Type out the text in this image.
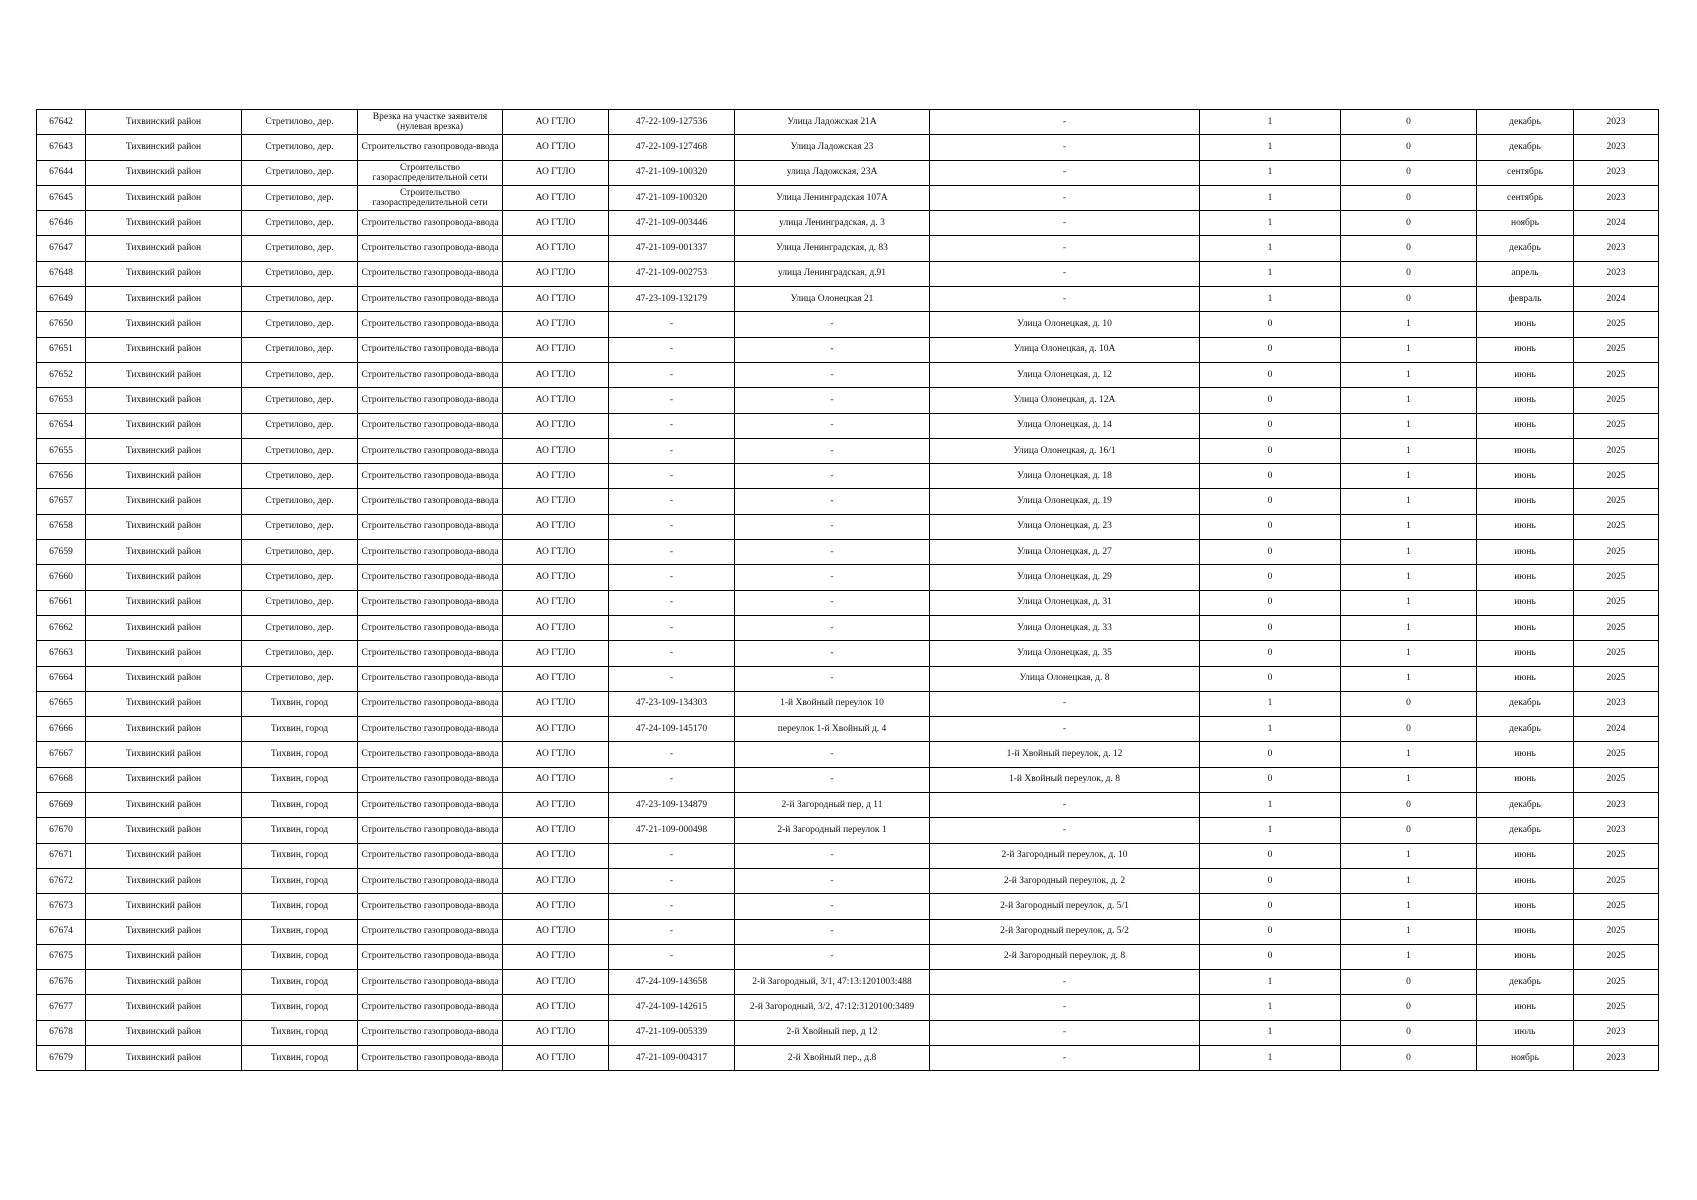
67642	Тихвинский район	Стретилово, дер.	Врезка на участке заявителя (нулевая врезка)	АО ГТЛО	47-22-109-127536	Улица Ладожская 21А	-	1	0	декабрь	2023
67643	Тихвинский район	Стретилово, дер.	Строительство газопровода-ввода	АО ГТЛО	47-22-109-127468	Улица Ладожская 23	-	1	0	декабрь	2023
67644	Тихвинский район	Стретилово, дер.	Строительство газораспределительной сети	АО ГТЛО	47-21-109-100320	улица Ладожская, 23А	-	1	0	сентябрь	2023
67645	Тихвинский район	Стретилово, дер.	Строительство газораспределительной сети	АО ГТЛО	47-21-109-100320	Улица Ленинградская 107А	-	1	0	сентябрь	2023
67646	Тихвинский район	Стретилово, дер.	Строительство газопровода-ввода	АО ГТЛО	47-21-109-003446	улица Ленинградская, д. 3	-	1	0	ноябрь	2024
67647	Тихвинский район	Стретилово, дер.	Строительство газопровода-ввода	АО ГТЛО	47-21-109-001337	Улица Ленинградская, д. 83	-	1	0	декабрь	2023
67648	Тихвинский район	Стретилово, дер.	Строительство газопровода-ввода	АО ГТЛО	47-21-109-002753	улица Ленинградская, д.91	-	1	0	апрель	2023
67649	Тихвинский район	Стретилово, дер.	Строительство газопровода-ввода	АО ГТЛО	47-23-109-132179	Улица Олонецкая 21	-	1	0	февраль	2024
67650	Тихвинский район	Стретилово, дер.	Строительство газопровода-ввода	АО ГТЛО	-	-	Улица Олонецкая, д. 10	0	1	июнь	2025
67651	Тихвинский район	Стретилово, дер.	Строительство газопровода-ввода	АО ГТЛО	-	-	Улица Олонецкая, д. 10А	0	1	июнь	2025
67652	Тихвинский район	Стретилово, дер.	Строительство газопровода-ввода	АО ГТЛО	-	-	Улица Олонецкая, д. 12	0	1	июнь	2025
67653	Тихвинский район	Стретилово, дер.	Строительство газопровода-ввода	АО ГТЛО	-	-	Улица Олонецкая, д. 12А	0	1	июнь	2025
67654	Тихвинский район	Стретилово, дер.	Строительство газопровода-ввода	АО ГТЛО	-	-	Улица Олонецкая, д. 14	0	1	июнь	2025
67655	Тихвинский район	Стретилово, дер.	Строительство газопровода-ввода	АО ГТЛО	-	-	Улица Олонецкая, д. 16/1	0	1	июнь	2025
67656	Тихвинский район	Стретилово, дер.	Строительство газопровода-ввода	АО ГТЛО	-	-	Улица Олонецкая, д. 18	0	1	июнь	2025
67657	Тихвинский район	Стретилово, дер.	Строительство газопровода-ввода	АО ГТЛО	-	-	Улица Олонецкая, д. 19	0	1	июнь	2025
67658	Тихвинский район	Стретилово, дер.	Строительство газопровода-ввода	АО ГТЛО	-	-	Улица Олонецкая, д. 23	0	1	июнь	2025
67659	Тихвинский район	Стретилово, дер.	Строительство газопровода-ввода	АО ГТЛО	-	-	Улица Олонецкая, д. 27	0	1	июнь	2025
67660	Тихвинский район	Стретилово, дер.	Строительство газопровода-ввода	АО ГТЛО	-	-	Улица Олонецкая, д. 29	0	1	июнь	2025
67661	Тихвинский район	Стретилово, дер.	Строительство газопровода-ввода	АО ГТЛО	-	-	Улица Олонецкая, д. 31	0	1	июнь	2025
67662	Тихвинский район	Стретилово, дер.	Строительство газопровода-ввода	АО ГТЛО	-	-	Улица Олонецкая, д. 33	0	1	июнь	2025
67663	Тихвинский район	Стретилово, дер.	Строительство газопровода-ввода	АО ГТЛО	-	-	Улица Олонецкая, д. 35	0	1	июнь	2025
67664	Тихвинский район	Стретилово, дер.	Строительство газопровода-ввода	АО ГТЛО	-	-	Улица Олонецкая, д. 8	0	1	июнь	2025
67665	Тихвинский район	Тихвин, город	Строительство газопровода-ввода	АО ГТЛО	47-23-109-134303	1-й Хвойный переулок 10	-	1	0	декабрь	2023
67666	Тихвинский район	Тихвин, город	Строительство газопровода-ввода	АО ГТЛО	47-24-109-145170	переулок 1-й Хвойный д. 4	-	1	0	декабрь	2024
67667	Тихвинский район	Тихвин, город	Строительство газопровода-ввода	АО ГТЛО	-	-	1-й Хвойный переулок, д. 12	0	1	июнь	2025
67668	Тихвинский район	Тихвин, город	Строительство газопровода-ввода	АО ГТЛО	-	-	1-й Хвойный переулок, д. 8	0	1	июнь	2025
67669	Тихвинский район	Тихвин, город	Строительство газопровода-ввода	АО ГТЛО	47-23-109-134879	2-й Загородный пер, д 11	-	1	0	декабрь	2023
67670	Тихвинский район	Тихвин, город	Строительство газопровода-ввода	АО ГТЛО	47-21-109-000498	2-й Загородный переулок 1	-	1	0	декабрь	2023
67671	Тихвинский район	Тихвин, город	Строительство газопровода-ввода	АО ГТЛО	-	-	2-й Загородный переулок, д. 10	0	1	июнь	2025
67672	Тихвинский район	Тихвин, город	Строительство газопровода-ввода	АО ГТЛО	-	-	2-й Загородный переулок, д. 2	0	1	июнь	2025
67673	Тихвинский район	Тихвин, город	Строительство газопровода-ввода	АО ГТЛО	-	-	2-й Загородный переулок, д. 5/1	0	1	июнь	2025
67674	Тихвинский район	Тихвин, город	Строительство газопровода-ввода	АО ГТЛО	-	-	2-й Загородный переулок, д. 5/2	0	1	июнь	2025
67675	Тихвинский район	Тихвин, город	Строительство газопровода-ввода	АО ГТЛО	-	-	2-й Загородный переулок, д. 8	0	1	июнь	2025
67676	Тихвинский район	Тихвин, город	Строительство газопровода-ввода	АО ГТЛО	47-24-109-143658	2-й Загородный, 3/1, 47:13:1201003:488	-	1	0	декабрь	2025
67677	Тихвинский район	Тихвин, город	Строительство газопровода-ввода	АО ГТЛО	47-24-109-142615	2-й Загородный, 3/2, 47:12:3120100:3489	-	1	0	июнь	2025
67678	Тихвинский район	Тихвин, город	Строительство газопровода-ввода	АО ГТЛО	47-21-109-005339	2-й Хвойный пер, д 12	-	1	0	июль	2023
67679	Тихвинский район	Тихвин, город	Строительство газопровода-ввода	АО ГТЛО	47-21-109-004317	2-й Хвойный пер., д.8	-	1	0	ноябрь	2023
